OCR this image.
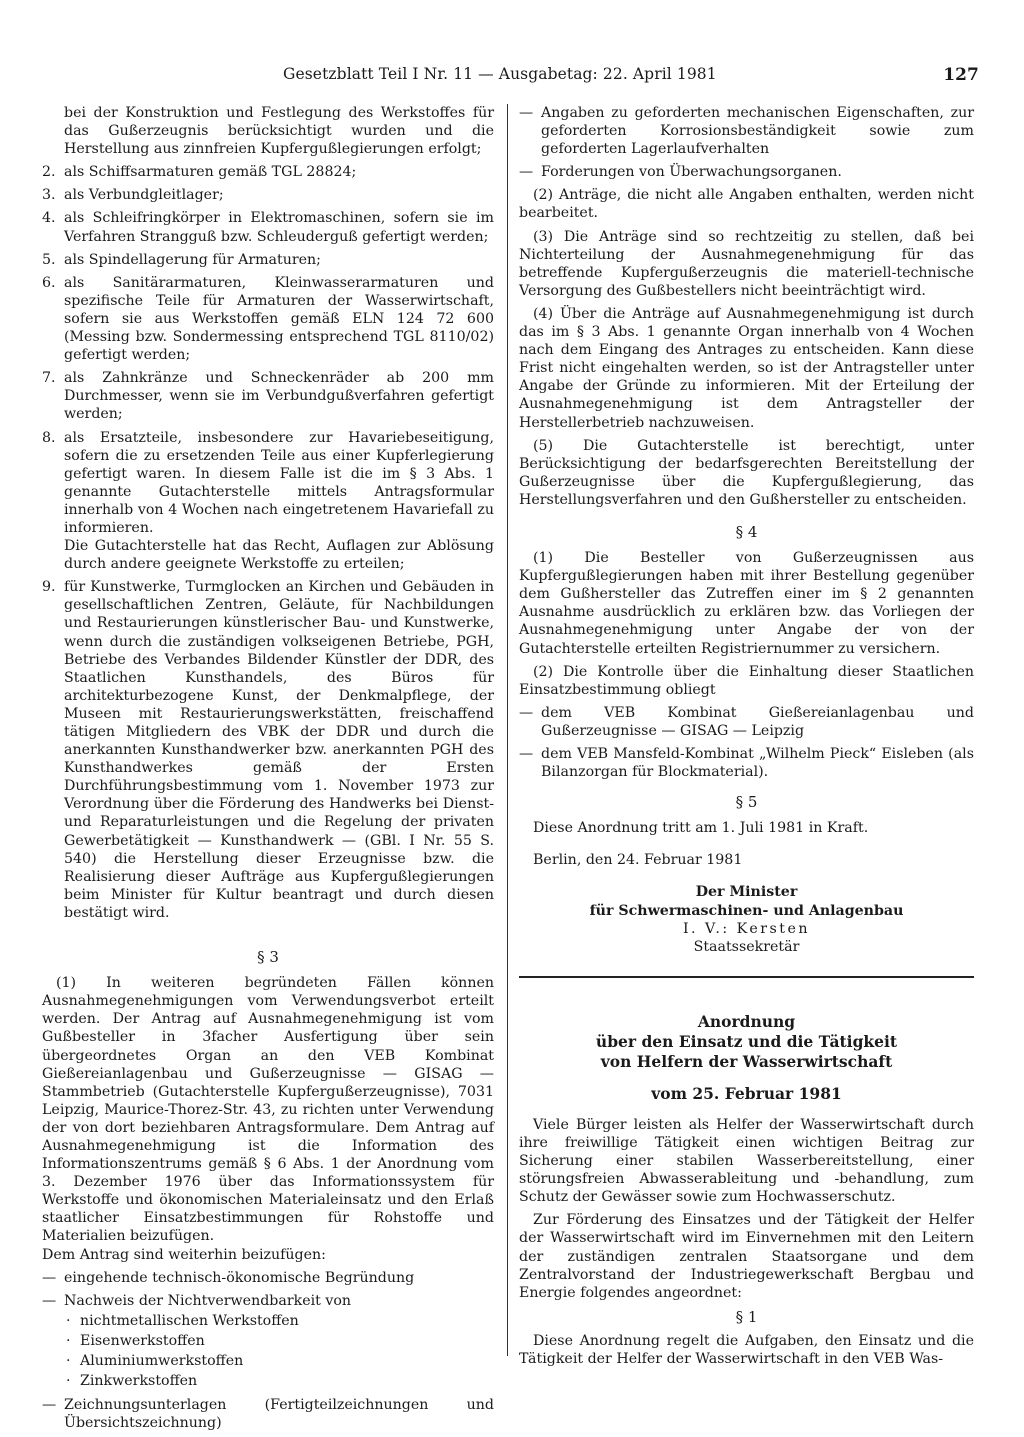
Gesetzblatt Teil I Nr. 11 — Ausgabetag: 22. April 1981	127

bei der Konstruktion und Festlegung des Werkstoffes für das Gußerzeugnis berücksichtigt wurden und die Herstellung aus zinnfreien Kupfergußlegierungen erfolgt;

2. als Schiffsarmaturen gemäß TGL 28824;
3. als Verbundgleitlager;
4. als Schleifringkörper in Elektromaschinen, sofern sie im Verfahren Strangguß bzw. Schleuderguß gefertigt werden;
5. als Spindellagerung für Armaturen;
6. als Sanitärarmaturen, Kleinwasserarmaturen und spezifische Teile für Armaturen der Wasserwirtschaft, sofern sie aus Werkstoffen gemäß ELN 124 72 600 (Messing bzw. Sondermessing entsprechend TGL 8110/02) gefertigt werden;
7. als Zahnkränze und Schneckenräder ab 200 mm Durchmesser, wenn sie im Verbundgußverfahren gefertigt werden;
8. als Ersatzteile, insbesondere zur Havariebeseitigung, sofern die zu ersetzenden Teile aus einer Kupferlegierung gefertigt waren. In diesem Falle ist die im § 3 Abs. 1 genannte Gutachterstelle mittels Antragsformular innerhalb von 4 Wochen nach eingetretenem Havariefall zu informieren.
Die Gutachterstelle hat das Recht, Auflagen zur Ablösung durch andere geeignete Werkstoffe zu erteilen;
9. für Kunstwerke, Turmglocken an Kirchen und Gebäuden in gesellschaftlichen Zentren, Geläute, für Nachbildungen und Restaurierungen künstlerischer Bau- und Kunstwerke, wenn durch die zuständigen volkseigenen Betriebe, PGH, Betriebe des Verbandes Bildender Künstler der DDR, des Staatlichen Kunsthandels, des Büros für architekturbezogene Kunst, der Denkmalpflege, der Museen mit Restaurierungswerkstätten, freischaffend tätigen Mitgliedern des VBK der DDR und durch die anerkannten Kunsthandwerker bzw. anerkannten PGH des Kunsthandwerkes gemäß der Ersten Durchführungsbestimmung vom 1. November 1973 zur Verordnung über die Förderung des Handwerks bei Dienst- und Reparaturleistungen und die Regelung der privaten Gewerbetätigkeit — Kunsthandwerk — (GBl. I Nr. 55 S. 540) die Herstellung dieser Erzeugnisse bzw. die Realisierung dieser Aufträge aus Kupfergußlegierungen beim Minister für Kultur beantragt und durch diesen bestätigt wird.
§ 3

(1) In weiteren begründeten Fällen können Ausnahmegenehmigungen vom Verwendungsverbot erteilt werden. Der Antrag auf Ausnahmegenehmigung ist vom Gußbesteller in 3facher Ausfertigung über sein übergeordnetes Organ an den VEB Kombinat Gießereianlagenbau und Gußerzeugnisse — GISAG — Stammbetrieb (Gutachterstelle Kupfergußerzeugnisse), 7031 Leipzig, Maurice-Thorez-Str. 43, zu richten unter Verwendung der von dort beziehbaren Antragsformulare. Dem Antrag auf Ausnahmegenehmigung ist die Information des Informationszentrums gemäß § 6 Abs. 1 der Anordnung vom 3. Dezember 1976 über das Informationssystem für Werkstoffe und ökonomischen Materialeinsatz und den Erlaß staatlicher Einsatzbestimmungen für Rohstoffe und Materialien beizufügen.

Dem Antrag sind weiterhin beizufügen:

— eingehende technisch-ökonomische Begründung
— Nachweis der Nichtverwendbarkeit von
· nichtmetallischen Werkstoffen
· Eisenwerkstoffen
· Aluminiumwerkstoffen
· Zinkwerkstoffen
— Zeichnungsunterlagen (Fertigteilzeichnungen und Übersichtszeichnung)
— Angaben zu geforderten mechanischen Eigenschaften, zur geforderten Korrosionsbeständigkeit sowie zum geforderten Lagerlaufverhalten
— Forderungen von Überwachungsorganen.

(2) Anträge, die nicht alle Angaben enthalten, werden nicht bearbeitet.

(3) Die Anträge sind so rechtzeitig zu stellen, daß bei Nichterteilung der Ausnahmegenehmigung für das betreffende Kupfergußerzeugnis die materiell-technische Versorgung des Gußbestellers nicht beeinträchtigt wird.

(4) Über die Anträge auf Ausnahmegenehmigung ist durch das im § 3 Abs. 1 genannte Organ innerhalb von 4 Wochen nach dem Eingang des Antrages zu entscheiden. Kann diese Frist nicht eingehalten werden, so ist der Antragsteller unter Angabe der Gründe zu informieren. Mit der Erteilung der Ausnahmegenehmigung ist dem Antragsteller der Herstellerbetrieb nachzuweisen.

(5) Die Gutachterstelle ist berechtigt, unter Berücksichtigung der bedarfsgerechten Bereitstellung der Gußerzeugnisse über die Kupfergußlegierung, das Herstellungsverfahren und den Gußhersteller zu entscheiden.

§ 4

(1) Die Besteller von Gußerzeugnissen aus Kupfergußlegierungen haben mit ihrer Bestellung gegenüber dem Gußhersteller das Zutreffen einer im § 2 genannten Ausnahme ausdrücklich zu erklären bzw. das Vorliegen der Ausnahmegenehmigung unter Angabe der von der Gutachterstelle erteilten Registriernummer zu versichern.

(2) Die Kontrolle über die Einhaltung dieser Staatlichen Einsatzbestimmung obliegt

— dem VEB Kombinat Gießereianlagenbau und Gußerzeugnisse — GISAG — Leipzig
— dem VEB Mansfeld-Kombinat „Wilhelm Pieck“ Eisleben (als Bilanzorgan für Blockmaterial).
§ 5

Diese Anordnung tritt am 1. Juli 1981 in Kraft.

Berlin, den 24. Februar 1981

Der Minister

für Schwermaschinen- und Anlagenbau

I. V.: Kersten

Staatssekretär

Anordnung

über den Einsatz und die Tätigkeit

von Helfern der Wasserwirtschaft

vom 25. Februar 1981

Viele Bürger leisten als Helfer der Wasserwirtschaft durch ihre freiwillige Tätigkeit einen wichtigen Beitrag zur Sicherung einer stabilen Wasserbereitstellung, einer störungsfreien Abwasserableitung und -behandlung, zum Schutz der Gewässer sowie zum Hochwasserschutz.

Zur Förderung des Einsatzes und der Tätigkeit der Helfer der Wasserwirtschaft wird im Einvernehmen mit den Leitern der zuständigen zentralen Staatsorgane und dem Zentralvorstand der Industriegewerkschaft Bergbau und Energie folgendes angeordnet:

§ 1

Diese Anordnung regelt die Aufgaben, den Einsatz und die Tätigkeit der Helfer der Wasserwirtschaft in den VEB Was-
